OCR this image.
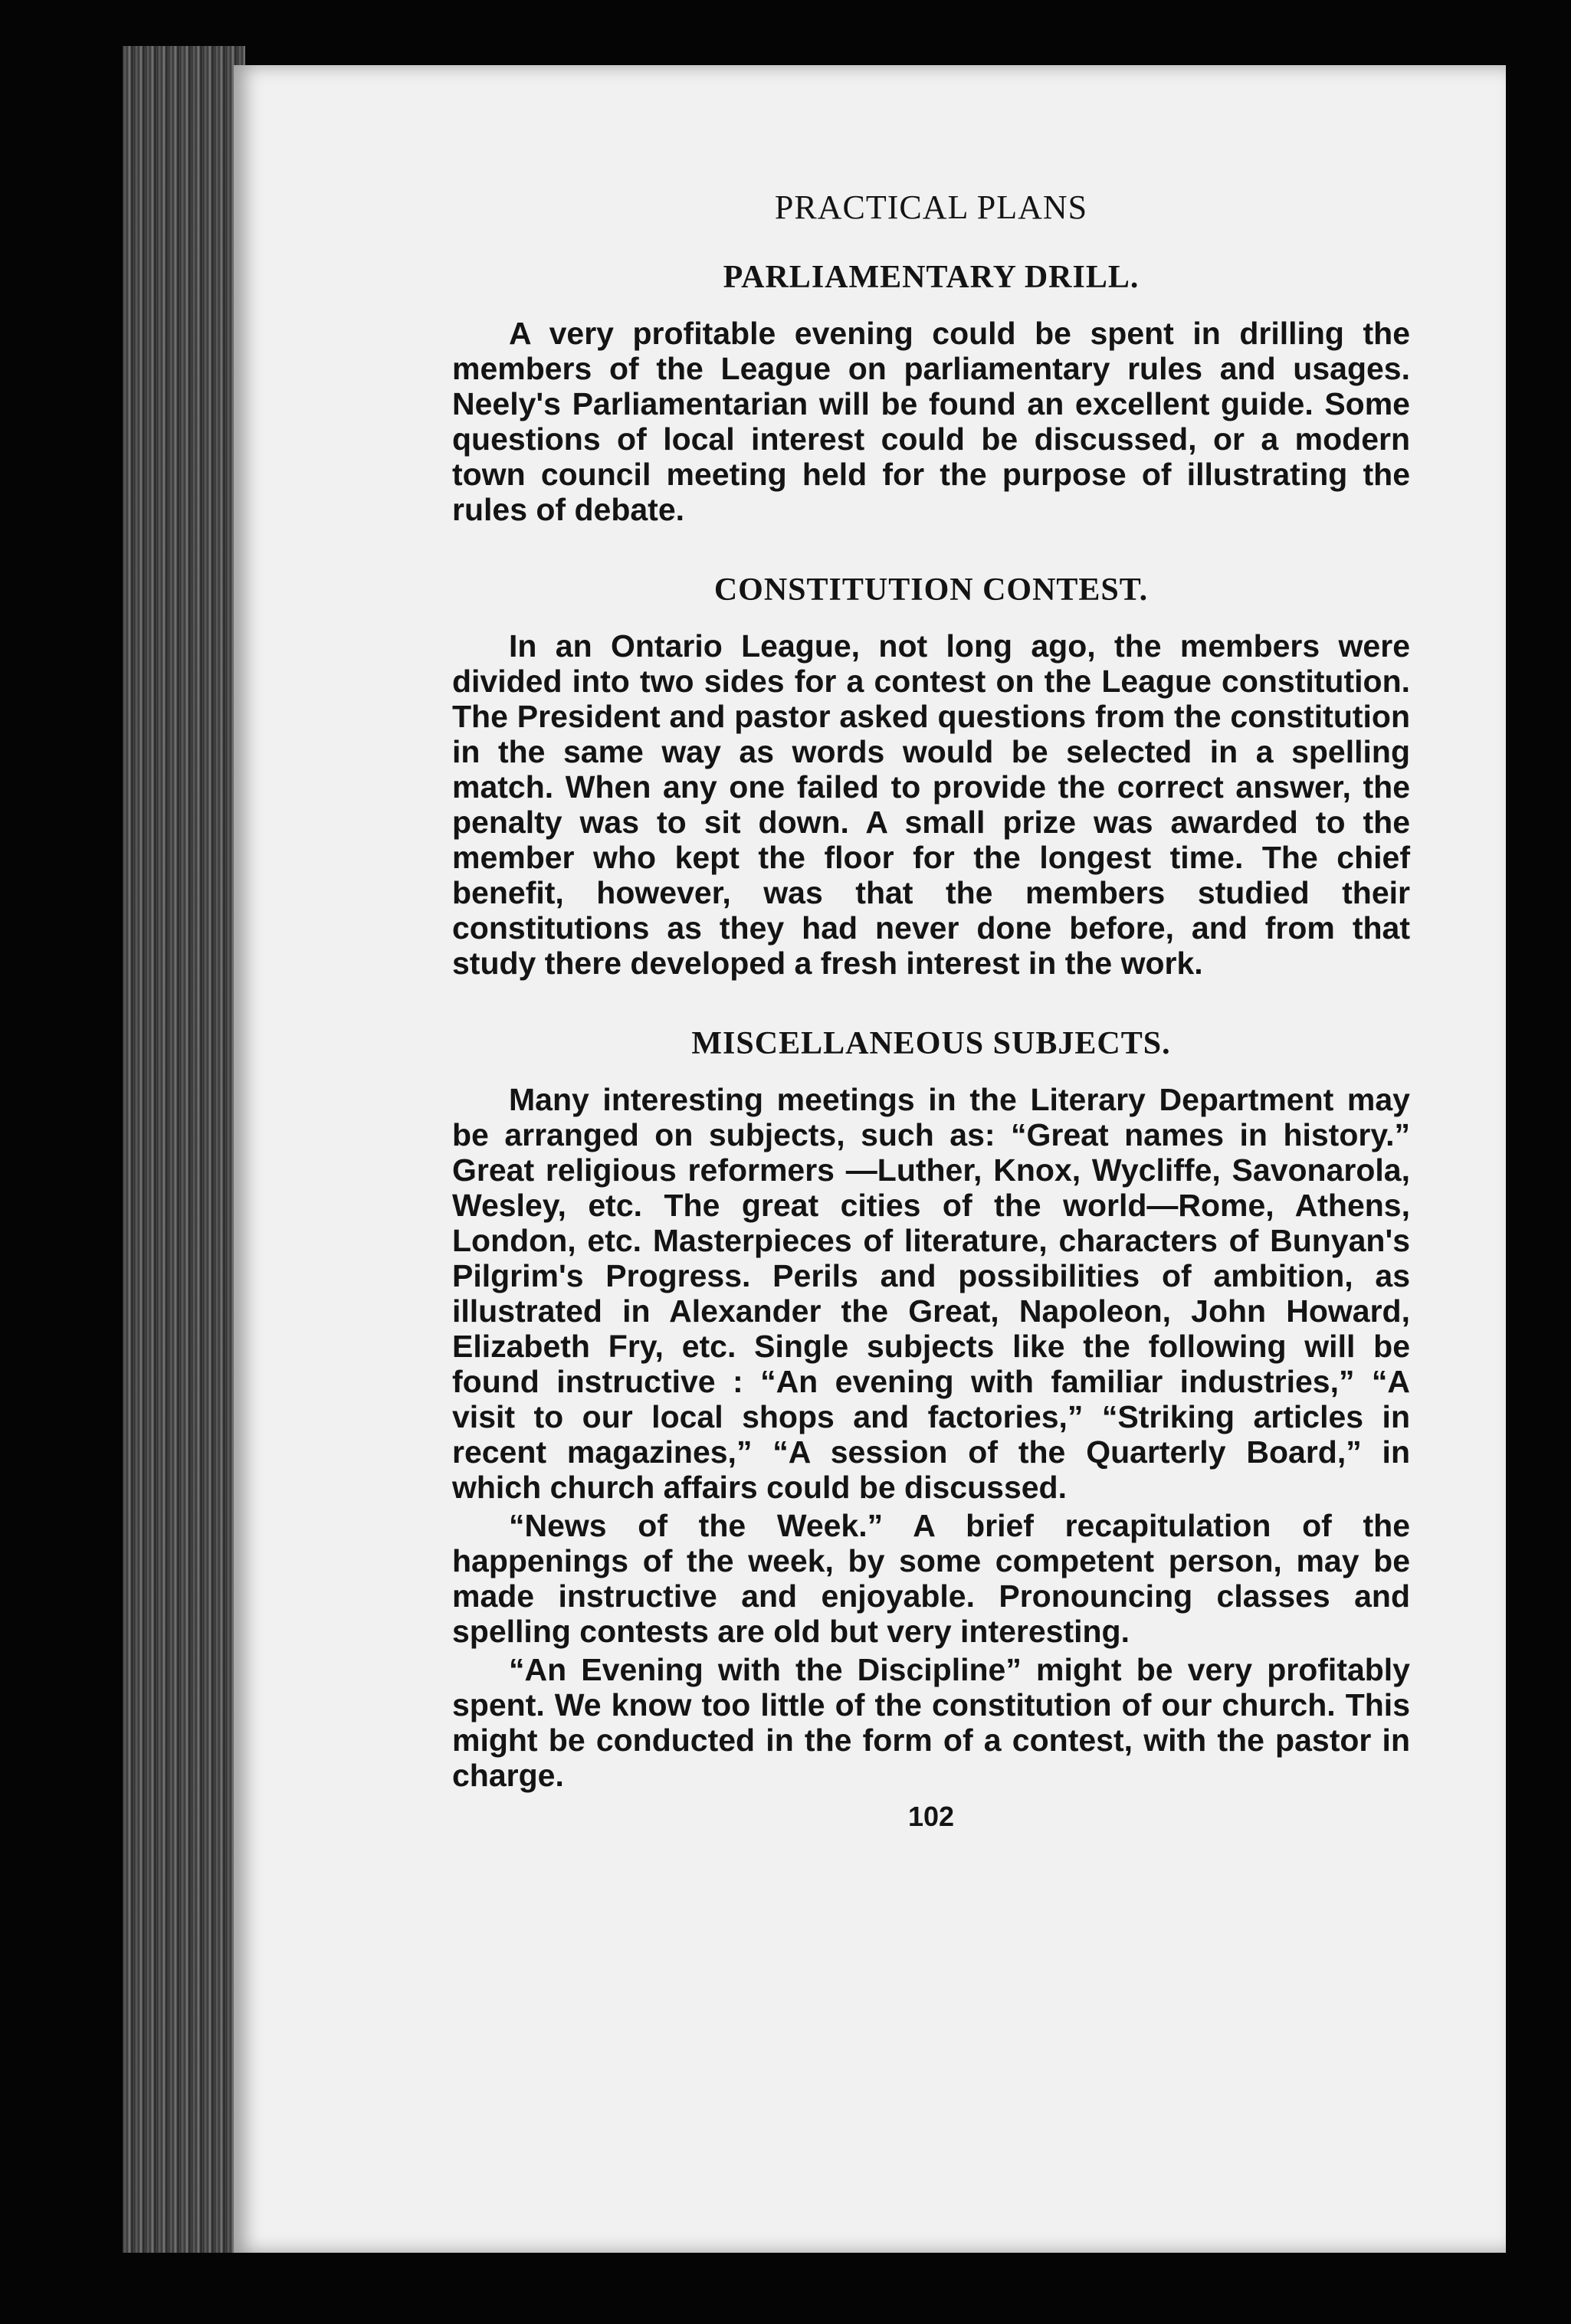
PRACTICAL PLANS
PARLIAMENTARY DRILL.

A very profitable evening could be spent in drilling the members of the League on parliamentary rules and usages. Neely's Parliamentarian will be found an excellent guide. Some questions of local interest could be discussed, or a modern town council meeting held for the purpose of illustrating the rules of debate.

CONSTITUTION CONTEST.

In an Ontario League, not long ago, the members were divided into two sides for a contest on the League constitution. The President and pastor asked questions from the constitution in the same way as words would be selected in a spelling match. When any one failed to provide the correct answer, the penalty was to sit down. A small prize was awarded to the member who kept the floor for the longest time. The chief benefit, however, was that the members studied their constitutions as they had never done before, and from that study there developed a fresh interest in the work.

MISCELLANEOUS SUBJECTS.

Many interesting meetings in the Literary Department may be arranged on subjects, such as: “Great names in history.” Great religious reformers —Luther, Knox, Wycliffe, Savonarola, Wesley, etc. The great cities of the world—Rome, Athens, London, etc. Masterpieces of literature, characters of Bunyan's Pilgrim's Progress. Perils and possibilities of ambition, as illustrated in Alexander the Great, Napoleon, John Howard, Elizabeth Fry, etc. Single subjects like the following will be found instructive : “An evening with familiar industries,” “A visit to our local shops and factories,” “Striking articles in recent magazines,” “A session of the Quarterly Board,” in which church affairs could be discussed.

“News of the Week.” A brief recapitulation of the happenings of the week, by some competent person, may be made instructive and enjoyable. Pronouncing classes and spelling contests are old but very interesting.

“An Evening with the Discipline” might be very profitably spent. We know too little of the constitution of our church. This might be conducted in the form of a contest, with the pastor in charge.

102
